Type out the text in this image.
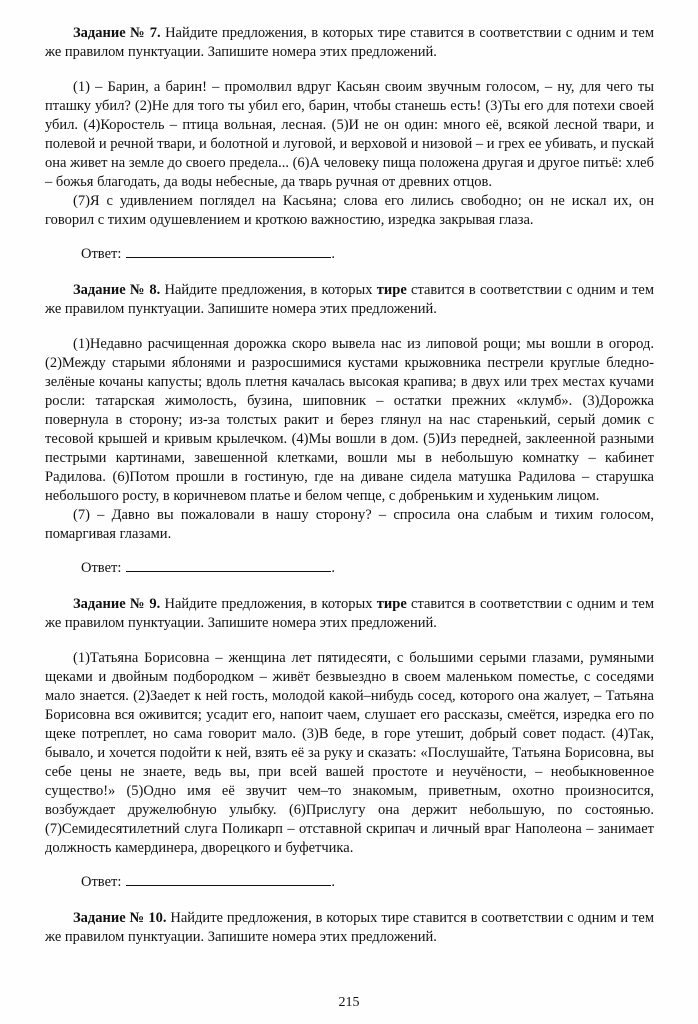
Задание № 7. Найдите предложения, в которых тире ставится в соответствии с одним и тем же правилом пунктуации. Запишите номера этих предложений.

(1) – Барин, а барин! – промолвил вдруг Касьян своим звучным голосом, – ну, для чего ты пташку убил? (2)Не для того ты убил его, барин, чтобы станешь есть! (3)Ты его для потехи своей убил. (4)Коростель – птица вольная, лесная. (5)И не он один: много её, всякой лесной твари, и полевой и речной твари, и болотной и луговой, и верховой и низовой – и грех ее убивать, и пускай она живет на земле до своего предела... (6)А человеку пища положена другая и другое питьё: хлеб – божья благодать, да воды небесные, да тварь ручная от древних отцов.

(7)Я с удивлением поглядел на Касьяна; слова его лились свободно; он не искал их, он говорил с тихим одушевлением и кроткою важностию, изредка закрывая глаза.

Ответ:	.

Задание № 8. Найдите предложения, в которых тире ставится в соответствии с одним и тем же правилом пунктуации. Запишите номера этих предложений.

(1)Недавно расчищенная дорожка скоро вывела нас из липовой рощи; мы вошли в огород. (2)Между старыми яблонями и разросшимися кустами крыжовника пестрели круглые бледно-зелёные кочаны капусты; вдоль плетня качалась высокая крапива; в двух или трех местах кучами росли: татарская жимолость, бузина, шиповник – остатки прежних «клумб». (3)Дорожка повернула в сторону; из-за толстых ракит и берез глянул на нас старенький, серый домик с тесовой крышей и кривым крылечком. (4)Мы вошли в дом. (5)Из передней, заклеенной разными пестрыми картинами, завешенной клетками, вошли мы в небольшую комнатку – кабинет Радилова. (6)Потом прошли в гостиную, где на диване сидела матушка Радилова – старушка небольшого росту, в коричневом платье и белом чепце, с добреньким и худеньким лицом.

(7) – Давно вы пожаловали в нашу сторону? – спросила она слабым и тихим голосом, помаргивая глазами.

Ответ:	.

Задание № 9. Найдите предложения, в которых тире ставится в соответствии с одним и тем же правилом пунктуации. Запишите номера этих предложений.

(1)Татьяна Борисовна – женщина лет пятидесяти, с большими серыми глазами, румяными щеками и двойным подбородком – живёт безвыездно в своем маленьком поместье, с соседями мало знается. (2)Заедет к ней гость, молодой какой–нибудь сосед, которого она жалует, – Татьяна Борисовна вся оживится; усадит его, напоит чаем, слушает его рассказы, смеётся, изредка его по щеке потреплет, но сама говорит мало. (3)В беде, в горе утешит, добрый совет подаст. (4)Так, бывало, и хочется подойти к ней, взять её за руку и сказать: «Послушайте, Татьяна Борисовна, вы себе цены не знаете, ведь вы, при всей вашей простоте и неучёности, – необыкновенное существо!» (5)Одно имя её звучит чем–то знакомым, приветным, охотно произносится, возбуждает дружелюбную улыбку. (6)Прислугу она держит небольшую, по состоянью. (7)Семидесятилетний слуга Поликарп – отставной скрипач и личный враг Наполеона – занимает должность камердинера, дворецкого и буфетчика.

Ответ:	.

Задание № 10. Найдите предложения, в которых тире ставится в соответствии с одним и тем же правилом пунктуации. Запишите номера этих предложений.

215
